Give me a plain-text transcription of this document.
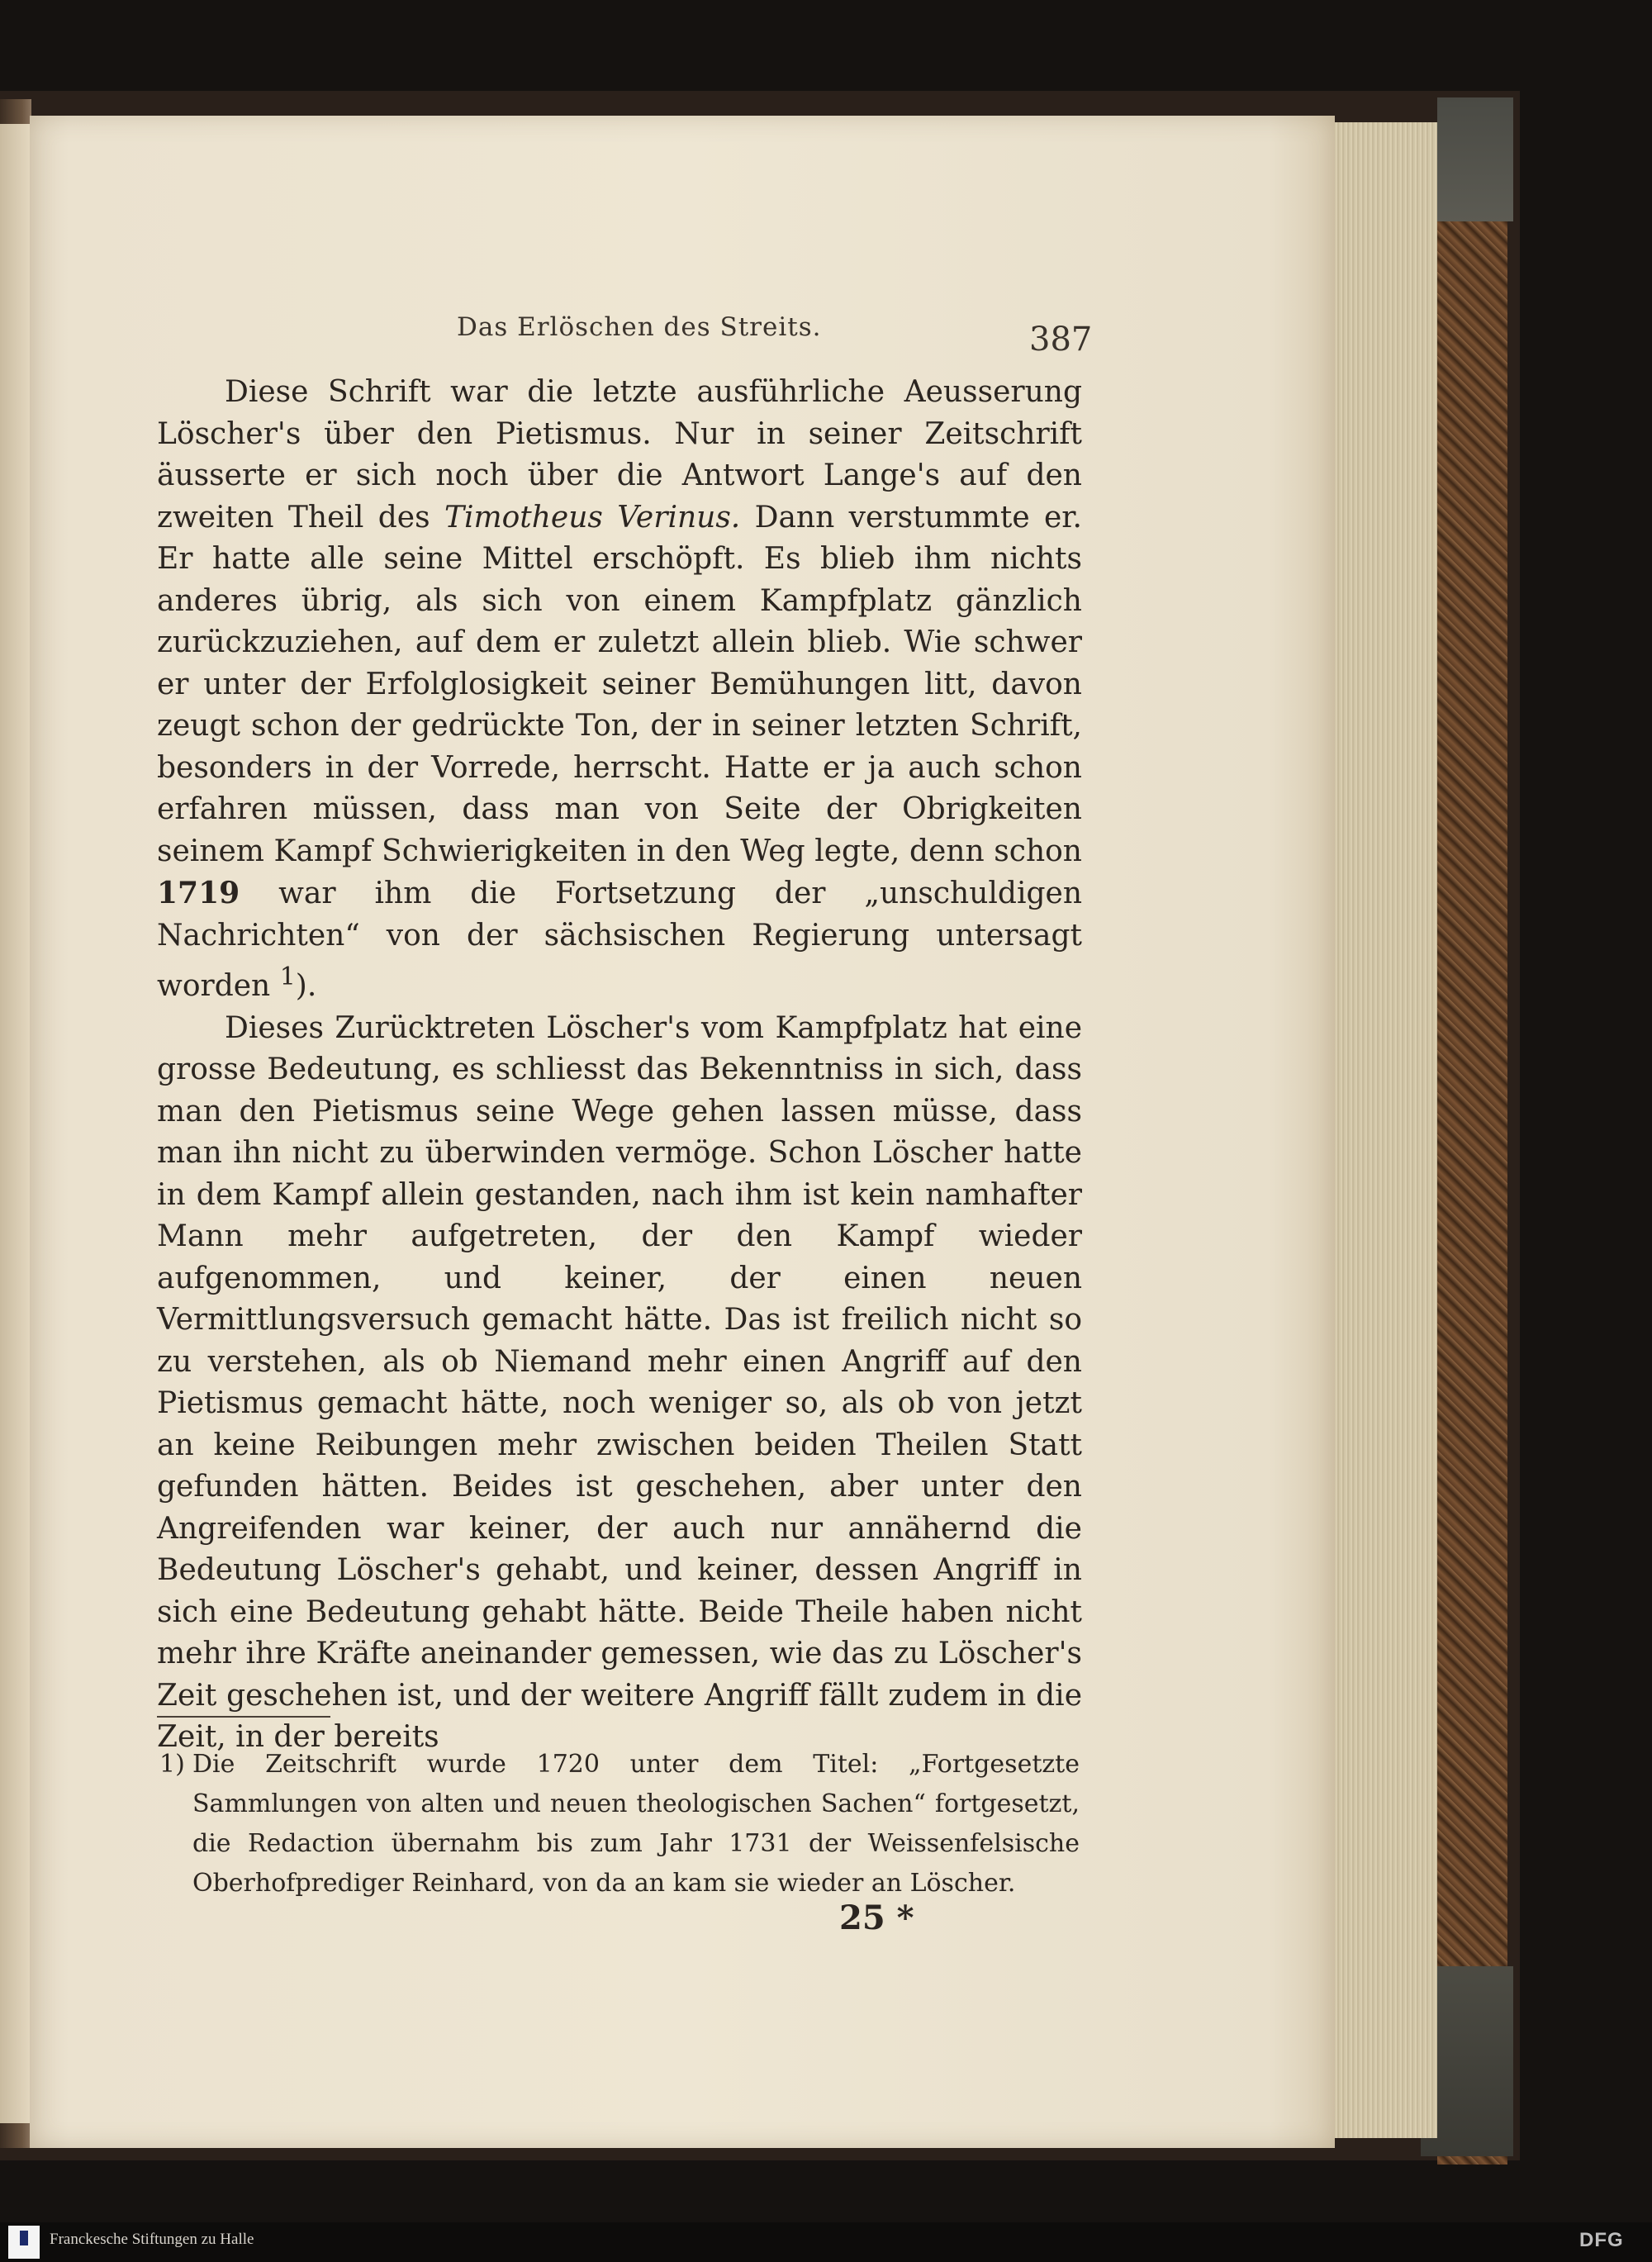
Das Erlöschen des Streits.	387

Diese Schrift war die letzte ausführliche Aeusserung Löscher's über den Pietismus. Nur in seiner Zeitschrift äusserte er sich noch über die Antwort Lange's auf den zweiten Theil des Timotheus Verinus. Dann verstummte er. Er hatte alle seine Mittel erschöpft. Es blieb ihm nichts anderes übrig, als sich von einem Kampfplatz gänzlich zurückzuziehen, auf dem er zuletzt allein blieb. Wie schwer er unter der Erfolglosigkeit seiner Bemühungen litt, davon zeugt schon der gedrückte Ton, der in seiner letzten Schrift, besonders in der Vorrede, herrscht. Hatte er ja auch schon erfahren müssen, dass man von Seite der Obrigkeiten seinem Kampf Schwierigkeiten in den Weg legte, denn schon 1719 war ihm die Fortsetzung der „unschuldigen Nachrichten“ von der sächsischen Regierung untersagt worden $^1$).

Dieses Zurücktreten Löscher's vom Kampfplatz hat eine grosse Bedeutung, es schliesst das Bekenntniss in sich, dass man den Pietismus seine Wege gehen lassen müsse, dass man ihn nicht zu überwinden vermöge. Schon Löscher hatte in dem Kampf allein gestanden, nach ihm ist kein namhafter Mann mehr aufgetreten, der den Kampf wieder aufgenommen, und keiner, der einen neuen Vermittlungsversuch gemacht hätte. Das ist freilich nicht so zu verstehen, als ob Niemand mehr einen Angriff auf den Pietismus gemacht hätte, noch weniger so, als ob von jetzt an keine Reibungen mehr zwischen beiden Theilen Statt gefunden hätten. Beides ist geschehen, aber unter den Angreifenden war keiner, der auch nur annähernd die Bedeutung Löscher's gehabt, und keiner, dessen Angriff in sich eine Bedeutung gehabt hätte. Beide Theile haben nicht mehr ihre Kräfte aneinander gemessen, wie das zu Löscher's Zeit geschehen ist, und der weitere Angriff fällt zudem in die Zeit, in der bereits

1) Die Zeitschrift wurde 1720 unter dem Titel: „Fortgesetzte Sammlungen von alten und neuen theologischen Sachen“ fortgesetzt, die Redaction übernahm bis zum Jahr 1731 der Weissenfelsische Oberhofprediger Reinhard, von da an kam sie wieder an Löscher.
25 *
Franckesche Stiftungen zu Halle	DFG
